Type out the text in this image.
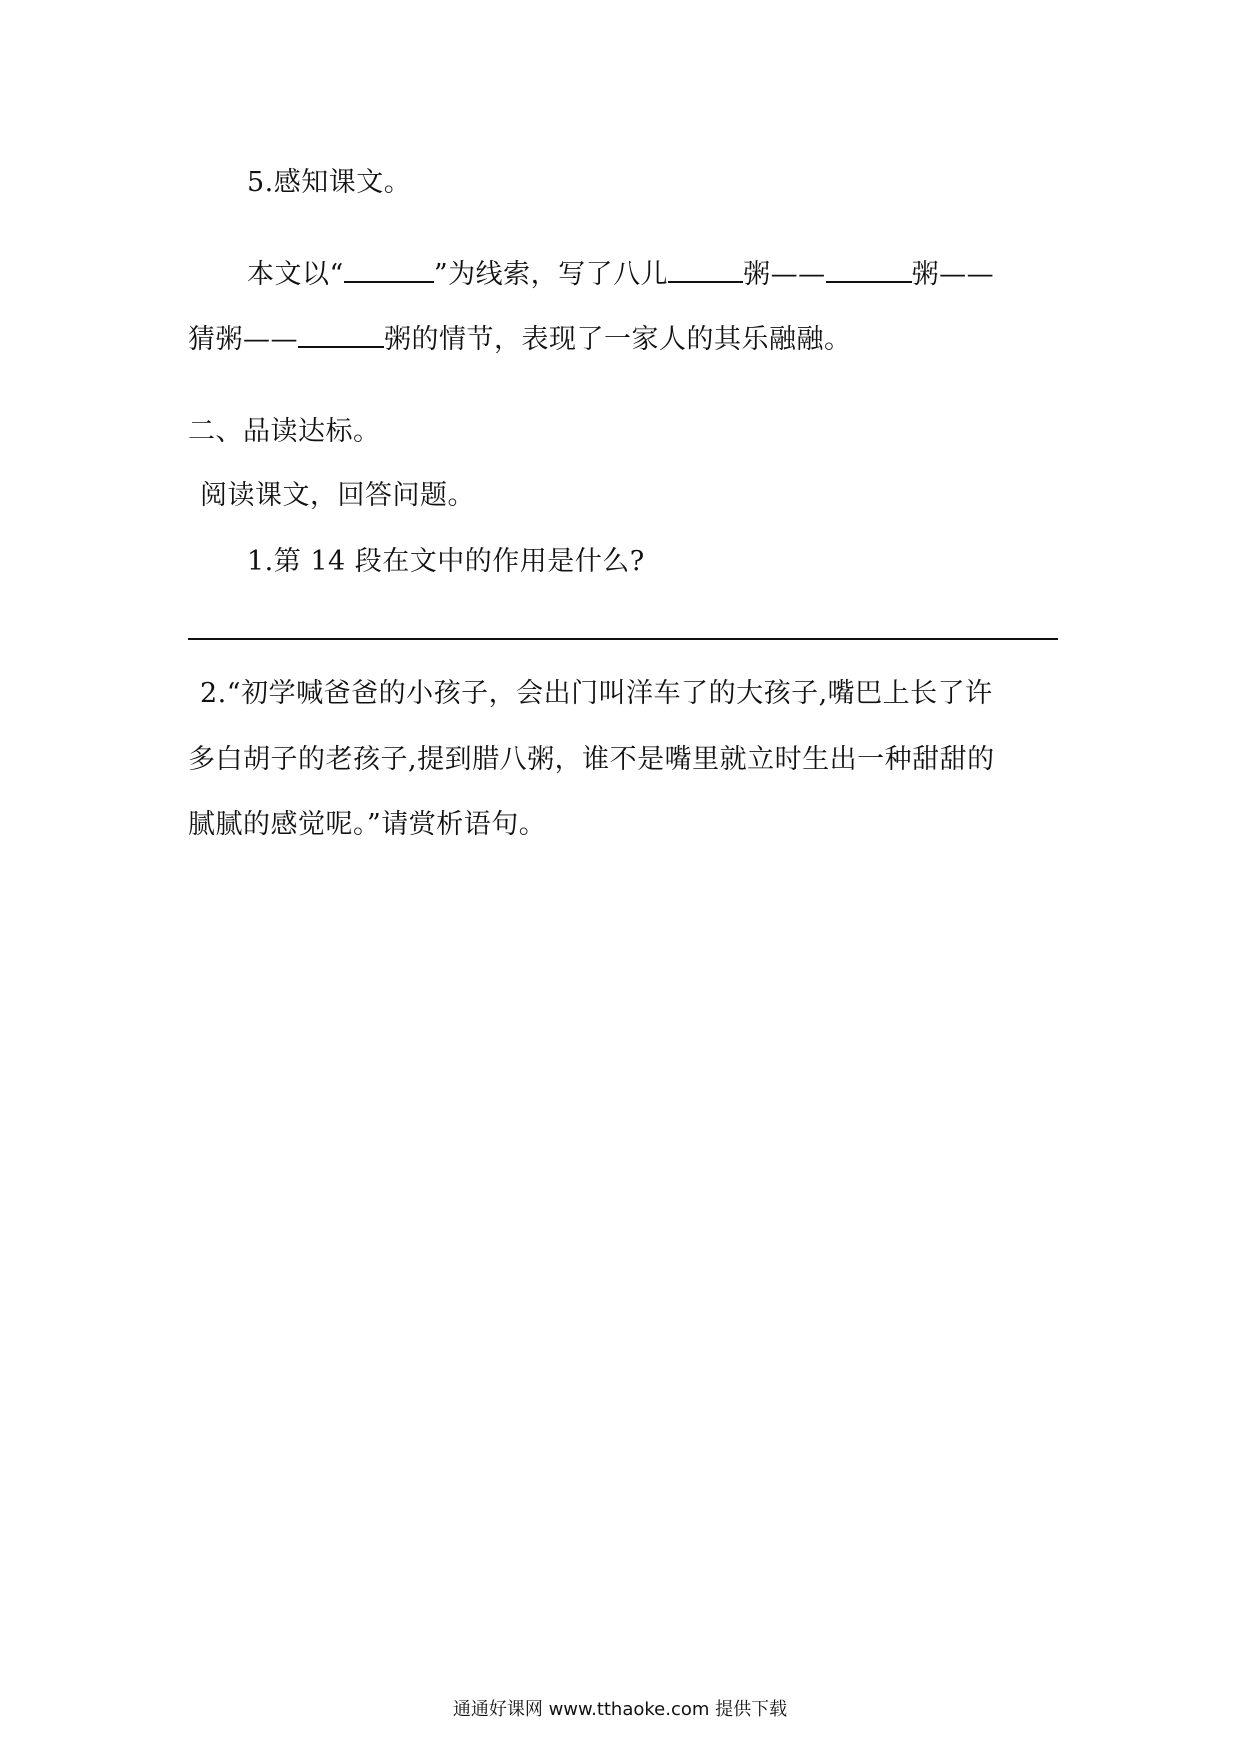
5.感知课文。
本文以“	”为线索，写了八儿	粥——	粥——
猜粥——	粥的情节，表现了一家人的其乐融融。
二、品读达标。
阅读课文，回答问题。
1.第 14 段在文中的作用是什么?
2.“初学喊爸爸的小孩子，会出门叫洋车了的大孩子,嘴巴上长了许
多白胡子的老孩子,提到腊八粥，谁不是嘴里就立时生出一种甜甜的
腻腻的感觉呢。”请赏析语句。
通通好课网 www.tthaoke.com 提供下载
